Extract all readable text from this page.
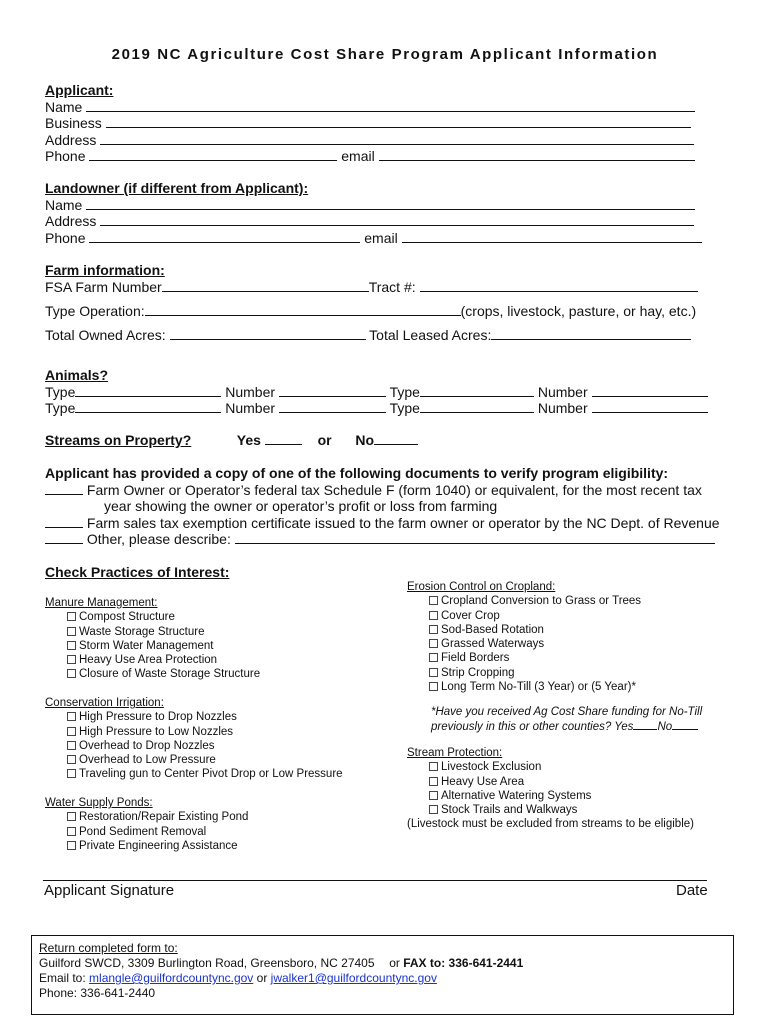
2019 NC Agriculture Cost Share Program Applicant Information
Applicant:
Name
Business
Address
Phone	email
Landowner (if different from Applicant):
Name
Address
Phone	email
Farm information:
FSA Farm Number	Tract #:
Type Operation:	(crops, livestock, pasture, or hay, etc.)
Total Owned Acres:	Total Leased Acres:
Animals?
Type	Number	Type	Number
Type	Number	Type	Number
Streams on Property?	Yes	or No
Applicant has provided a copy of one of the following documents to verify program eligibility:
Farm Owner or Operator’s federal tax Schedule F (form 1040) or equivalent, for the most recent tax
year showing the owner or operator’s profit or loss from farming
Farm sales tax exemption certificate issued to the farm owner or operator by the NC Dept. of Revenue
Other, please describe:
Check Practices of Interest:
Manure Management:
Compost Structure
Waste Storage Structure
Storm Water Management
Heavy Use Area Protection
Closure of Waste Storage Structure
Conservation Irrigation:
High Pressure to Drop Nozzles
High Pressure to Low Nozzles
Overhead to Drop Nozzles
Overhead to Low Pressure
Traveling gun to Center Pivot Drop or Low Pressure
Water Supply Ponds:
Restoration/Repair Existing Pond
Pond Sediment Removal
Private Engineering Assistance
Erosion Control on Cropland:
Cropland Conversion to Grass or Trees
Cover Crop
Sod-Based Rotation
Grassed Waterways
Field Borders
Strip Cropping
Long Term No-Till (3 Year) or (5 Year)*
*Have you received Ag Cost Share funding for No-Till
previously in this or other counties? Yes No
Stream Protection:
Livestock Exclusion
Heavy Use Area
Alternative Watering Systems
Stock Trails and Walkways
(Livestock must be excluded from streams to be eligible)
Applicant Signature	Date
Return completed form to:
Guilford SWCD, 3309 Burlington Road, Greensboro, NC 27405 or FAX to: 336-641-2441
Email to: mlangle@guilfordcountync.gov or jwalker1@guilfordcountync.gov
Phone: 336-641-2440
